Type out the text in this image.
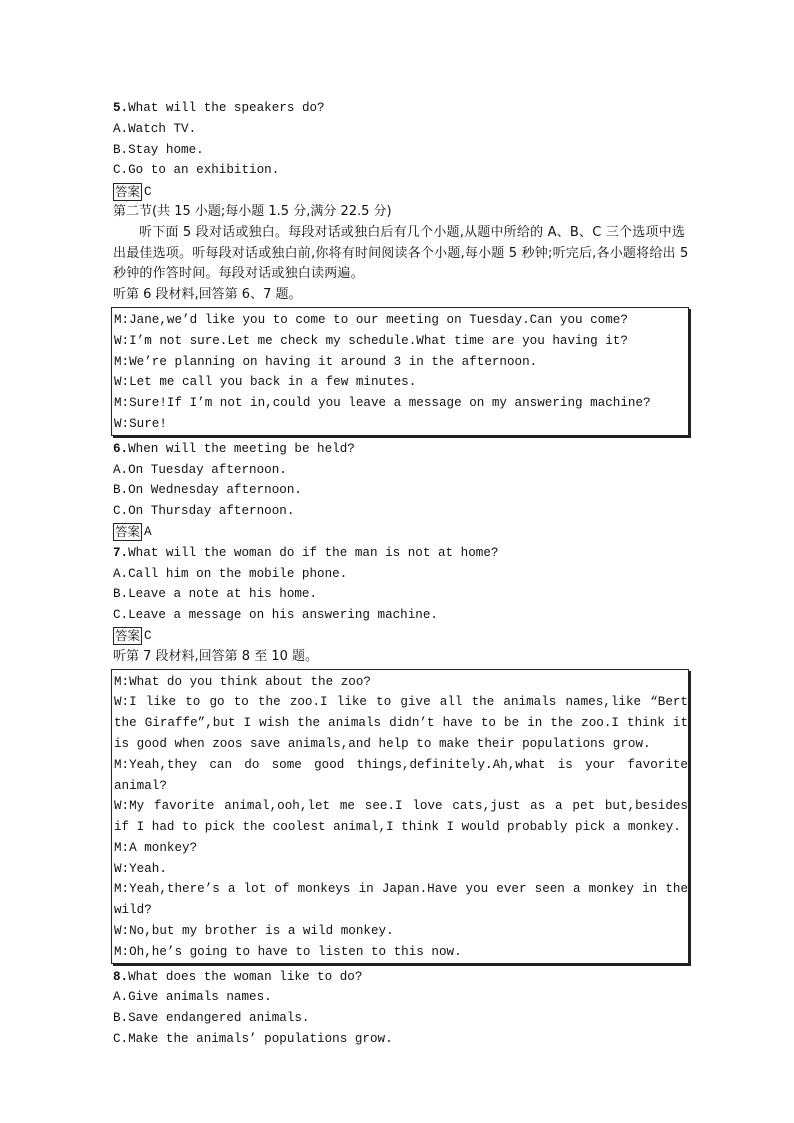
5.What will the speakers do?
A.Watch TV.
B.Stay home.
C.Go to an exhibition.
答案 C
第二节(共 15 小题;每小题 1.5 分,满分 22.5 分)
听下面 5 段对话或独白。每段对话或独白后有几个小题,从题中所给的 A、B、C 三个选项中选出最佳选项。听每段对话或独白前,你将有时间阅读各个小题,每小题 5 秒钟;听完后,各小题将给出 5 秒钟的作答时间。每段对话或独白读两遍。
听第 6 段材料,回答第 6、7 题。
M:Jane,we’d like you to come to our meeting on Tuesday.Can you come?
W:I’m not sure.Let me check my schedule.What time are you having it?
M:We’re planning on having it around 3 in the afternoon.
W:Let me call you back in a few minutes.
M:Sure!If I’m not in,could you leave a message on my answering machine?
W:Sure!
6.When will the meeting be held?
A.On Tuesday afternoon.
B.On Wednesday afternoon.
C.On Thursday afternoon.
答案 A
7.What will the woman do if the man is not at home?
A.Call him on the mobile phone.
B.Leave a note at his home.
C.Leave a message on his answering machine.
答案 C
听第 7 段材料,回答第 8 至 10 题。
M:What do you think about the zoo?
W:I like to go to the zoo.I like to give all the animals names,like “Bert the Giraffe”,but I wish the animals didn’t have to be in the zoo.I think it is good when zoos save animals,and help to make their populations grow.
M:Yeah,they can do some good things,definitely.Ah,what is your favorite animal?
W:My favorite animal,ooh,let me see.I love cats,just as a pet but,besides if I had to pick the coolest animal,I think I would probably pick a monkey.
M:A monkey?
W:Yeah.
M:Yeah,there’s a lot of monkeys in Japan.Have you ever seen a monkey in the wild?
W:No,but my brother is a wild monkey.
M:Oh,he’s going to have to listen to this now.
8.What does the woman like to do?
A.Give animals names.
B.Save endangered animals.
C.Make the animals’ populations grow.
